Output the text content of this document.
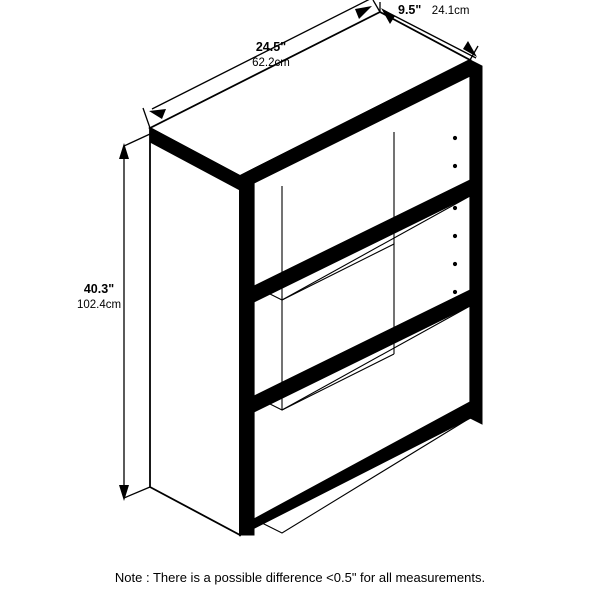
24.5"
62.2cm
9.5" 24.1cm
40.3"
102.4cm
Note : There is a possible difference <0.5" for all measurements.
